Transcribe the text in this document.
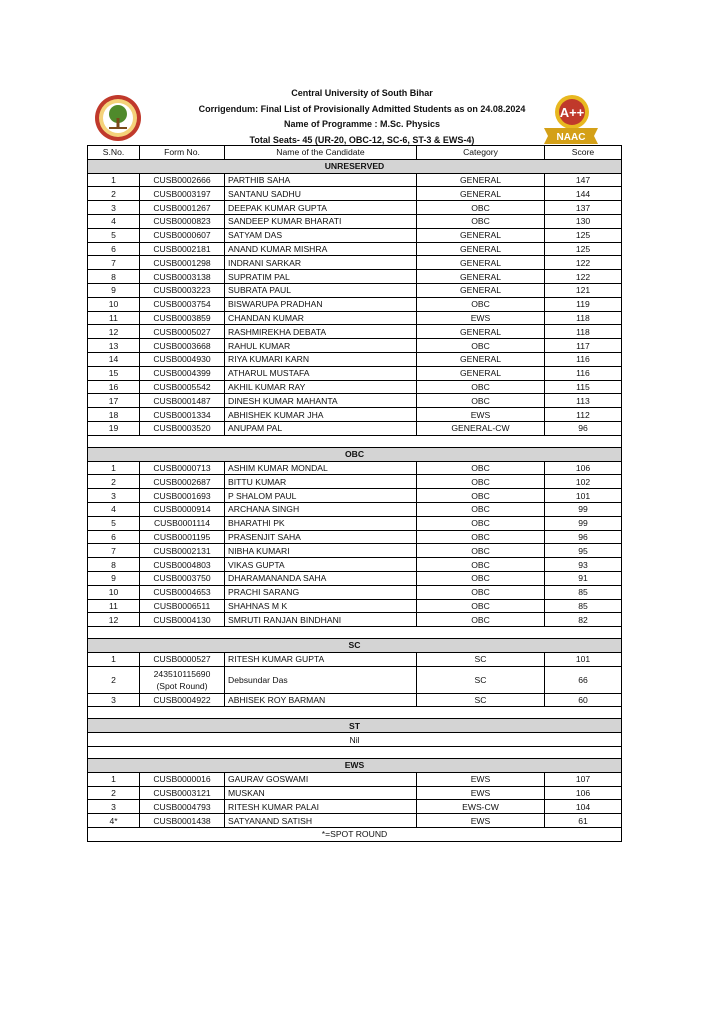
Central University of South Bihar
Corrigendum: Final List of Provisionally Admitted Students as on 24.08.2024
Name of Programme : M.Sc. Physics
Total Seats- 45 (UR-20, OBC-12, SC-6, ST-3 & EWS-4)
A++
NAAC
S.No.	Form No.	Name of the Candidate	Category	Score
UNRESERVED				
1	CUSB0002666	PARTHIB SAHA	GENERAL	147
2	CUSB0003197	SANTANU SADHU	GENERAL	144
3	CUSB0001267	DEEPAK KUMAR GUPTA	OBC	137
4	CUSB0000823	SANDEEP KUMAR BHARATI	OBC	130
5	CUSB0000607	SATYAM DAS	GENERAL	125
6	CUSB0002181	ANAND KUMAR MISHRA	GENERAL	125
7	CUSB0001298	INDRANI SARKAR	GENERAL	122
8	CUSB0003138	SUPRATIM PAL	GENERAL	122
9	CUSB0003223	SUBRATA PAUL	GENERAL	121
10	CUSB0003754	BISWARUPA PRADHAN	OBC	119
11	CUSB0003859	CHANDAN KUMAR	EWS	118
12	CUSB0005027	RASHMIREKHA DEBATA	GENERAL	118
13	CUSB0003668	RAHUL KUMAR	OBC	117
14	CUSB0004930	RIYA KUMARI KARN	GENERAL	116
15	CUSB0004399	ATHARUL MUSTAFA	GENERAL	116
16	CUSB0005542	AKHIL KUMAR RAY	OBC	115
17	CUSB0001487	DINESH KUMAR MAHANTA	OBC	113
18	CUSB0001334	ABHISHEK KUMAR JHA	EWS	112
19	CUSB0003520	ANUPAM PAL	GENERAL-CW	96

OBC				
1	CUSB0000713	ASHIM KUMAR MONDAL	OBC	106
2	CUSB0002687	BITTU KUMAR	OBC	102
3	CUSB0001693	P SHALOM PAUL	OBC	101
4	CUSB0000914	ARCHANA SINGH	OBC	99
5	CUSB0001114	BHARATHI PK	OBC	99
6	CUSB0001195	PRASENJIT SAHA	OBC	96
7	CUSB0002131	NIBHA KUMARI	OBC	95
8	CUSB0004803	VIKAS GUPTA	OBC	93
9	CUSB0003750	DHARAMANANDA SAHA	OBC	91
10	CUSB0004653	PRACHI SARANG	OBC	85
11	CUSB0006511	SHAHNAS M K	OBC	85
12	CUSB0004130	SMRUTI RANJAN BINDHANI	OBC	82

SC				
1	CUSB0000527	RITESH KUMAR GUPTA	SC	101
2	243510115690 (Spot Round)	Debsundar Das	SC	66
3	CUSB0004922	ABHISEK ROY BARMAN	SC	60

ST				
Nil				

EWS				
1	CUSB0000016	GAURAV GOSWAMI	EWS	107
2	CUSB0003121	MUSKAN	EWS	106
3	CUSB0004793	RITESH KUMAR PALAI	EWS-CW	104
4*	CUSB0001438	SATYANAND SATISH	EWS	61
*=SPOT ROUND				
